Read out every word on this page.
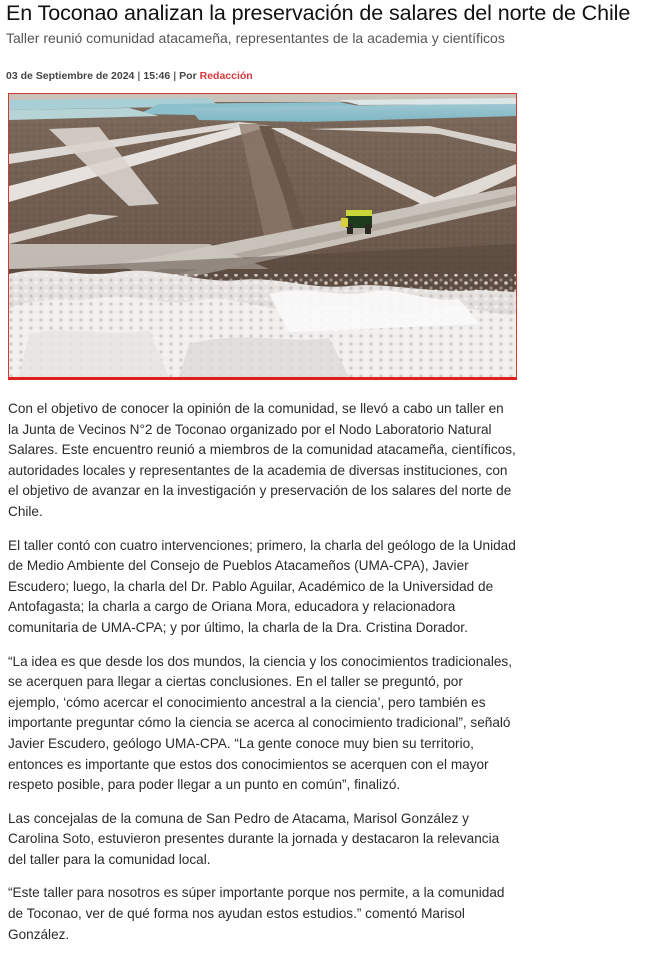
En Toconao analizan la preservación de salares del norte de Chile

Taller reunió comunidad atacameña, representantes de la academia y científicos

03 de Septiembre de 2024 | 15:46 | Por Redacción

Con el objetivo de conocer la opinión de la comunidad, se llevó a cabo un taller en la Junta de Vecinos N°2 de Toconao organizado por el Nodo Laboratorio Natural Salares. Este encuentro reunió a miembros de la comunidad atacameña, científicos, autoridades locales y representantes de la academia de diversas instituciones, con el objetivo de avanzar en la investigación y preservación de los salares del norte de Chile.

El taller contó con cuatro intervenciones; primero, la charla del geólogo de la Unidad de Medio Ambiente del Consejo de Pueblos Atacameños (UMA-CPA), Javier Escudero; luego, la charla del Dr. Pablo Aguilar, Académico de la Universidad de Antofagasta; la charla a cargo de Oriana Mora, educadora y relacionadora comunitaria de UMA-CPA; y por último, la charla de la Dra. Cristina Dorador.

“La idea es que desde los dos mundos, la ciencia y los conocimientos tradicionales, se acerquen para llegar a ciertas conclusiones. En el taller se preguntó, por ejemplo, ‘cómo acercar el conocimiento ancestral a la ciencia’, pero también es importante preguntar cómo la ciencia se acerca al conocimiento tradicional”, señaló Javier Escudero, geólogo UMA-CPA. “La gente conoce muy bien su territorio, entonces es importante que estos dos conocimientos se acerquen con el mayor respeto posible, para poder llegar a un punto en común”, finalizó.

Las concejalas de la comuna de San Pedro de Atacama, Marisol González y Carolina Soto, estuvieron presentes durante la jornada y destacaron la relevancia del taller para la comunidad local.

“Este taller para nosotros es súper importante porque nos permite, a la comunidad de Toconao, ver de qué forma nos ayudan estos estudios.” comentó Marisol González.
